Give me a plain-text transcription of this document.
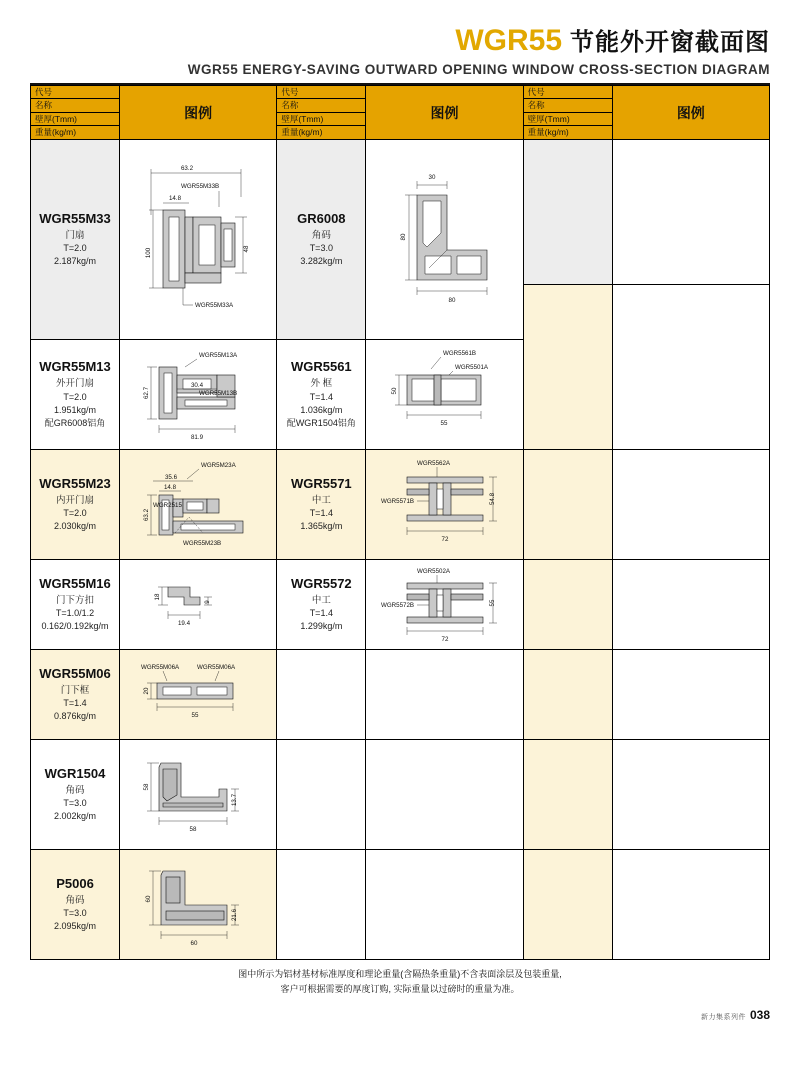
WGR55 节能外开窗截面图
WGR55 ENERGY-SAVING OUTWARD OPENING WINDOW CROSS-SECTION DIAGRAM
代号
名称
壁厚(Tmm)
重量(kg/m)
图例
WGR55M33
门扇
T=2.0
2.187kg/m
63.2
WGR55M33B
14.8
100	48
WGR55M33A
WGR55M13
外开门扇
T=2.0
1.951kg/m
配GR6008铝角
WGR55M13A
WGR55M13B
62.7
30.4
81.9
WGR55M23
内开门扇
T=2.0
2.030kg/m
WGR5M23A
35.6
14.8
WGR2515
WGR55M23B
63.2
WGR55M16
门下方扣
T=1.0/1.2
0.162/0.192kg/m
18
9
19.4
WGR55M06
门下框
T=1.4
0.876kg/m
WGR55M06A	WGR55M06A
20
55
WGR1504
角码
T=3.0
2.002kg/m
58
13.7
58
P5006
角码
T=3.0
2.095kg/m
60
21.6
60
代号
名称
壁厚(Tmm)
重量(kg/m)
图例
GR6008
角码
T=3.0
3.282kg/m
30
80
80
WGR5561
外 框
T=1.4
1.036kg/m
配WGR1504铝角
WGR5561B
WGR5501A
50
55
WGR5571
中工
T=1.4
1.365kg/m
WGR5562A
WGR5571B	54.8
72
WGR5572
中工
T=1.4
1.299kg/m
WGR5502A
WGR5572B	55
72
代号
名称
壁厚(Tmm)
重量(kg/m)
图例
图中所示为铝材基材标准厚度和理论重量(含隔热条重量)不含表面涂层及包装重量,
客户可根据需要的厚度订购, 实际重量以过磅时的重量为准。
新力集系列件 038
